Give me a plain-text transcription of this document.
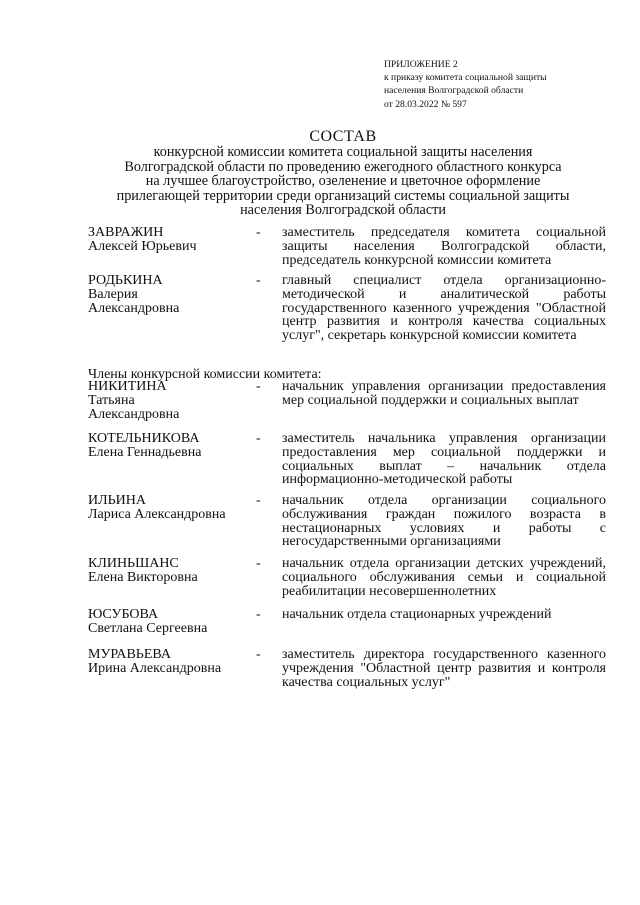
ПРИЛОЖЕНИЕ 2
к приказу комитета социальной защиты
населения Волгоградской области
от 28.03.2022 № 597
СОСТАВ
конкурсной комиссии комитета социальной защиты населения
Волгоградской области по проведению ежегодного областного конкурса
на лучшее благоустройство, озеленение и цветочное оформление
прилегающей территории среди организаций системы социальной защиты
населения Волгоградской области
ЗАВРАЖИН
Алексей Юрьевич
-	заместитель председателя комитета социальной защиты населения Волгоградской области, председатель конкурсной комиссии комитета
РОДЬКИНА
Валерия
Александровна
-	главный специалист отдела организационно-методической и аналитической работы государственного казенного учреждения "Областной центр развития и контроля качества социальных услуг", секретарь конкурсной комиссии комитета
Члены конкурсной комиссии комитета:
НИКИТИНА
Татьяна
Александровна
-	начальник управления организации предоставления мер социальной поддержки и социальных выплат
КОТЕЛЬНИКОВА
Елена Геннадьевна
-	заместитель начальника управления организации предоставления мер социальной поддержки и социальных выплат – начальник отдела информационно-методической работы
ИЛЬИНА
Лариса Александровна
-	начальник отдела организации социального обслуживания граждан пожилого возраста в нестационарных условиях и работы с негосударственными организациями
КЛИНЬШАНС
Елена Викторовна
-	начальник отдела организации детских учреждений, социального обслуживания семьи и социальной реабилитации несовершеннолетних
ЮСУБОВА
Светлана Сергеевна
-	начальник отдела стационарных учреждений
МУРАВЬЕВА
Ирина Александровна
-	заместитель директора государственного казенного учреждения "Областной центр развития и контроля качества социальных услуг"
